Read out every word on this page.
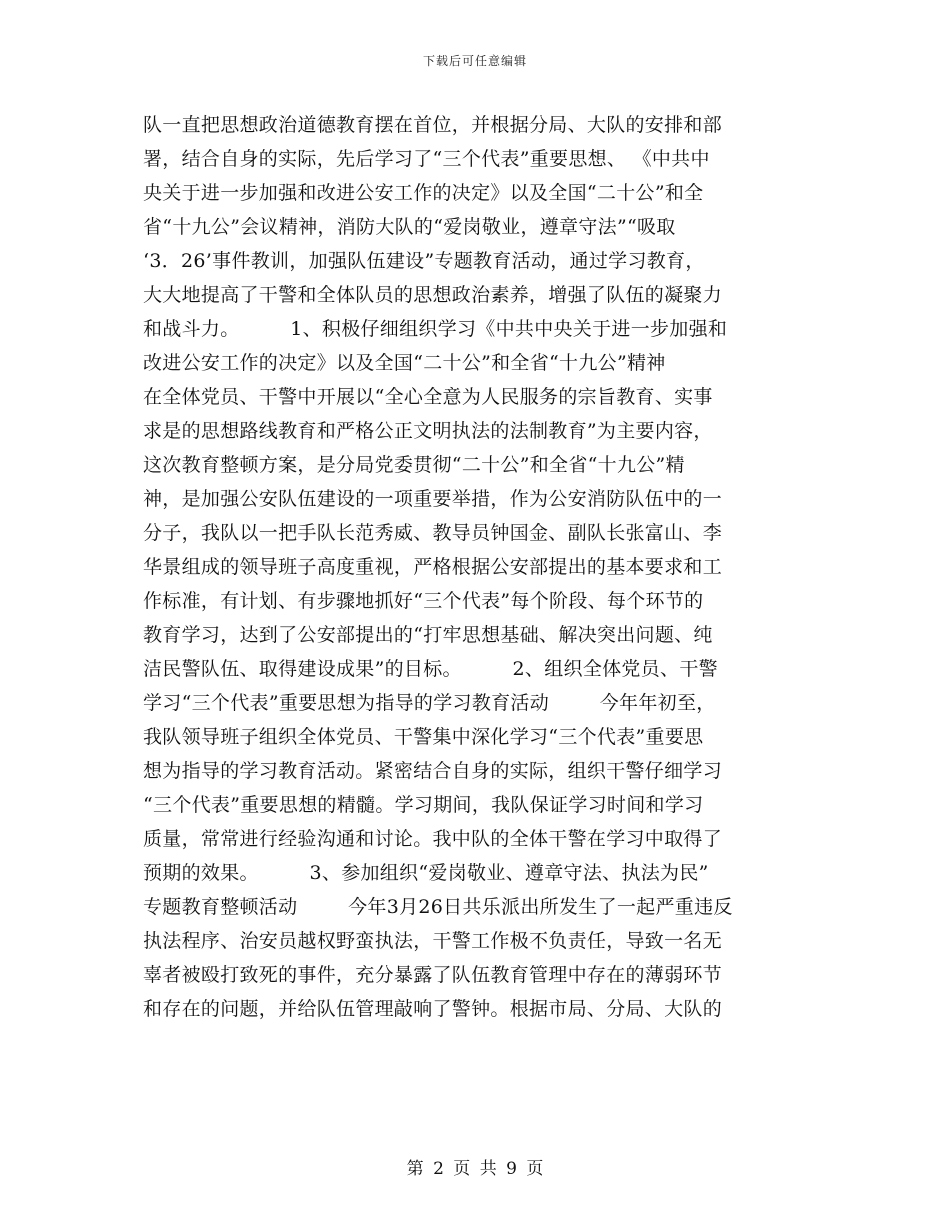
下载后可任意编辑
队一直把思想政治道德教育摆在首位，并根据分局、大队的安排和部
署，结合自身的实际，先后学习了“三个代表”重要思想、 《中共中
央关于进一步加强和改进公安工作的决定》以及全国“二十公”和全
省“十九公”会议精神，消防大队的“爱岗敬业，遵章守法”“吸取
‘3．26’事件教训，加强队伍建设”专题教育活动，通过学习教育，
大大地提高了干警和全体队员的思想政治素养，增强了队伍的凝聚力
和战斗力。        1、积极仔细组织学习《中共中央关于进一步加强和
改进公安工作的决定》以及全国“二十公”和全省“十九公”精神
在全体党员、干警中开展以“全心全意为人民服务的宗旨教育、实事
求是的思想路线教育和严格公正文明执法的法制教育”为主要内容，
这次教育整顿方案，是分局党委贯彻“二十公”和全省“十九公”精
神，是加强公安队伍建设的一项重要举措，作为公安消防队伍中的一
分子，我队以一把手队长范秀威、教导员钟国金、副队长张富山、李
华景组成的领导班子高度重视，严格根据公安部提出的基本要求和工
作标准，有计划、有步骤地抓好“三个代表”每个阶段、每个环节的
教育学习，达到了公安部提出的“打牢思想基础、解决突出问题、纯
洁民警队伍、取得建设成果”的目标。        2、组织全体党员、干警
学习“三个代表”重要思想为指导的学习教育活动        今年年初至，
我队领导班子组织全体党员、干警集中深化学习“三个代表”重要思
想为指导的学习教育活动。紧密结合自身的实际，组织干警仔细学习
“三个代表”重要思想的精髓。学习期间，我队保证学习时间和学习
质量，常常进行经验沟通和讨论。我中队的全体干警在学习中取得了
预期的效果。        3、参加组织“爱岗敬业、遵章守法、执法为民”
专题教育整顿活动        今年3月26日共乐派出所发生了一起严重违反
执法程序、治安员越权野蛮执法，干警工作极不负责任，导致一名无
辜者被殴打致死的事件，充分暴露了队伍教育管理中存在的薄弱环节
和存在的问题，并给队伍管理敲响了警钟。根据市局、分局、大队的
第 2 页 共 9 页
